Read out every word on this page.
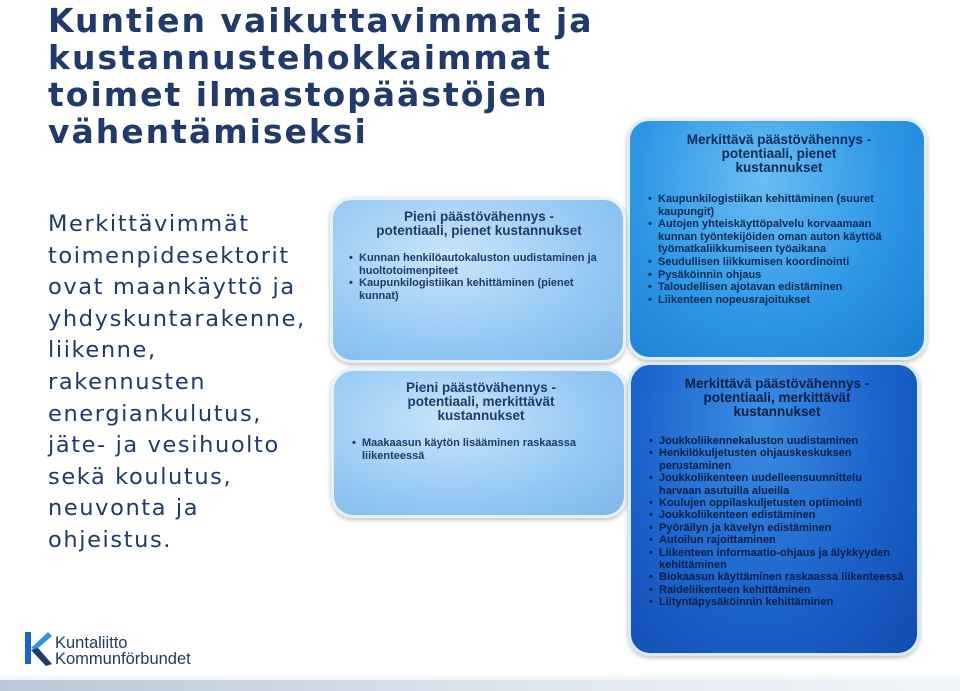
Kuntien vaikuttavimmat ja
kustannustehokkaimmat
toimet ilmastopäästöjen
vähentämiseksi
Merkittävimmät
toimenpidesektorit
ovat maankäyttö ja
yhdyskuntarakenne,
liikenne,
rakennusten
energiankulutus,
jäte- ja vesihuolto
sekä koulutus,
neuvonta ja
ohjeistus.
Merkittävä päästövähennys -
potentiaali, pienet
kustannukset
• Kaupunkilogistiikan kehittäminen (suuret kaupungit)
• Autojen yhteiskäyttöpalvelu korvaamaan kunnan työntekijöiden oman auton käyttöä työmatkaliikkumiseen työaikana
• Seudullisen liikkumisen koordinointi
• Pysäköinnin ohjaus
• Taloudellisen ajotavan edistäminen
• Liikenteen nopeusrajoitukset
Pieni päästövähennys -
potentiaali, pienet kustannukset
• Kunnan henkilöautokaluston uudistaminen ja huoltotoimenpiteet
• Kaupunkilogistiikan kehittäminen (pienet kunnat)
Pieni päästövähennys -
potentiaali, merkittävät
kustannukset
• Maakaasun käytön lisääminen raskaassa liikenteessä
Merkittävä päästövähennys -
potentiaali, merkittävät
kustannukset
• Joukkoliikennekaluston uudistaminen
• Henkilökuljetusten ohjauskeskuksen perustaminen
• Joukkoliikenteen uudelleensuunnittelu harvaan asutuilla alueilla
• Koulujen oppilaskuljetusten optimointi
• Joukkoliikenteen edistäminen
• Pyöräilyn ja kävelyn edistäminen
• Autoilun rajoittaminen
• Liikenteen informaatio-ohjaus ja älykkyyden kehittäminen
• Biokaasun käyttäminen raskaassa liikenteessä
• Raideliikenteen kehittäminen
• Liityntäpysäköinnin kehittäminen
Kuntaliitto
Kommunförbundet
